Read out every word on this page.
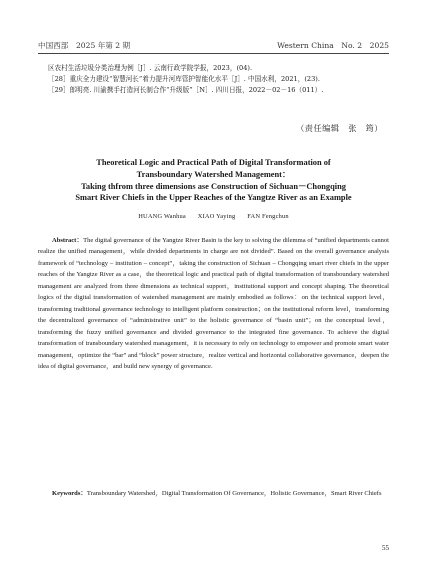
中国西部　2025 年第 2 期	Western China　No. 2　2025

区农村生活垃圾分类治理为例［J］. 云南行政学院学报，2023，(04).

［28］重庆全力建设“智慧河长”着力提升河库管护智能化水平［J］. 中国水利，2021，(23).

［29］郎明亮. 川渝携手打造河长制合作“升级版”［N］. 四川日报，2022－02－16（011）.

（责任编辑　张　筠）
Theoretical Logic and Practical Path of Digital Transformation of
Transboundary Watershed Management：
Taking thfrom three dimensions ase Construction of Sichuan－Chongqing
Smart River Chiefs in the Upper Reaches of the Yangtze River as an Example
HUANG Wanhua XIAO Yaying FAN Fengchun

Abstract：The digital governance of the Yangtze River Basin is the key to solving the dilemma of “unified departments cannot realize the unified management，while divided departments in charge are not divided”. Based on the overall governance analysis framework of “technology – institution – concept”，taking the construction of Sichuan – Chongqing smart river chiefs in the upper reaches of the Yangtze River as a case，the theoretical logic and practical path of digital transformation of transboundary watershed management are analyzed from three dimensions as technical support，institutional support and concept shaping. The theoretical logics of the digital transformation of watershed management are mainly embodied as follows：on the technical support level，transforming traditional governance technology to intelligent platform construction；on the institutional reform level，transforming the decentralized governance of “administrative unit” to the holistic governance of “basin unit”；on the conceptual level，transforming the fuzzy unified governance and divided governance to the integrated fine governance. To achieve the digital transformation of transboundary watershed management，it is necessary to rely on technology to empower and promote smart water management，optimize the “bar” and “block” power structure，realize vertical and horizontal collaborative governance，deepen the idea of digital governance，and build new synergy of governance.

Keywords：Transboundary Watershed，Digital Transformation Of Governance，Holistic Governance，Smart River Chiefs

55
